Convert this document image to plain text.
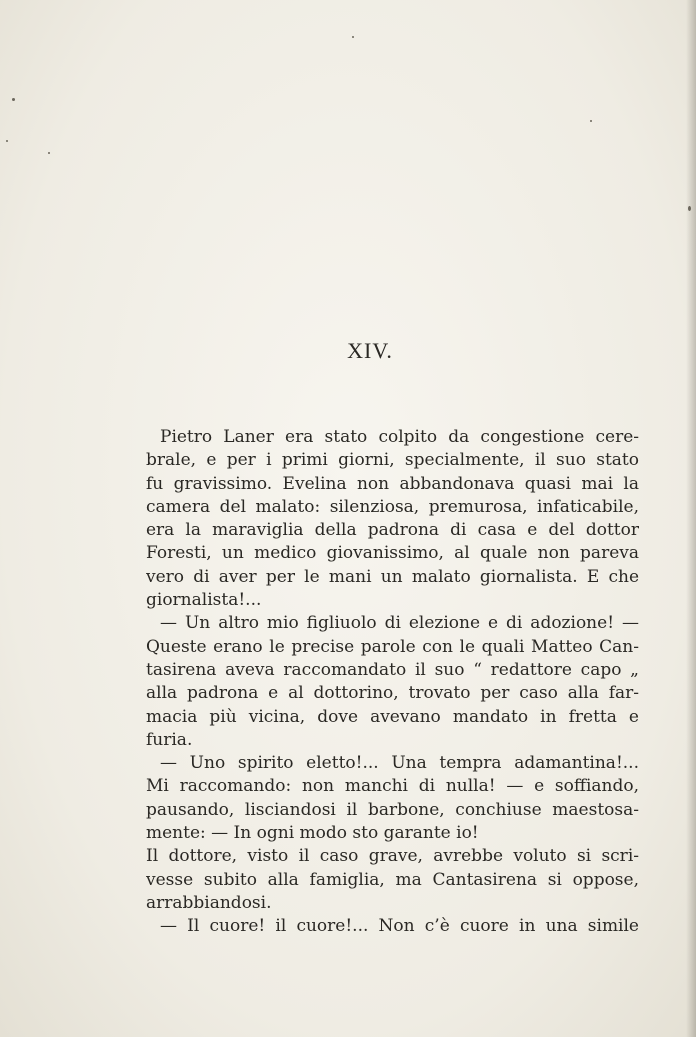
XIV.
Pietro Laner era stato colpito da congestione cere-
brale, e per i primi giorni, specialmente, il suo stato
fu gravissimo. Evelina non abbandonava quasi mai la
camera del malato: silenziosa, premurosa, infaticabile,
era la maraviglia della padrona di casa e del dottor
Foresti, un medico giovanissimo, al quale non pareva
vero di aver per le mani un malato giornalista. E che
giornalista!...
— Un altro mio figliuolo di elezione e di adozione! —
Queste erano le precise parole con le quali Matteo Can-
tasirena aveva raccomandato il suo “ redattore capo „
alla padrona e al dottorino, trovato per caso alla far-
macia più vicina, dove avevano mandato in fretta e
furia.
— Uno spirito eletto!... Una tempra adamantina!...
Mi raccomando: non manchi di nulla! — e soffiando,
pausando, lisciandosi il barbone, conchiuse maestosa-
mente: — In ogni modo sto garante io!
Il dottore, visto il caso grave, avrebbe voluto si scri-
vesse subito alla famiglia, ma Cantasirena si oppose,
arrabbiandosi.
— Il cuore! il cuore!... Non c’è cuore in una simile
